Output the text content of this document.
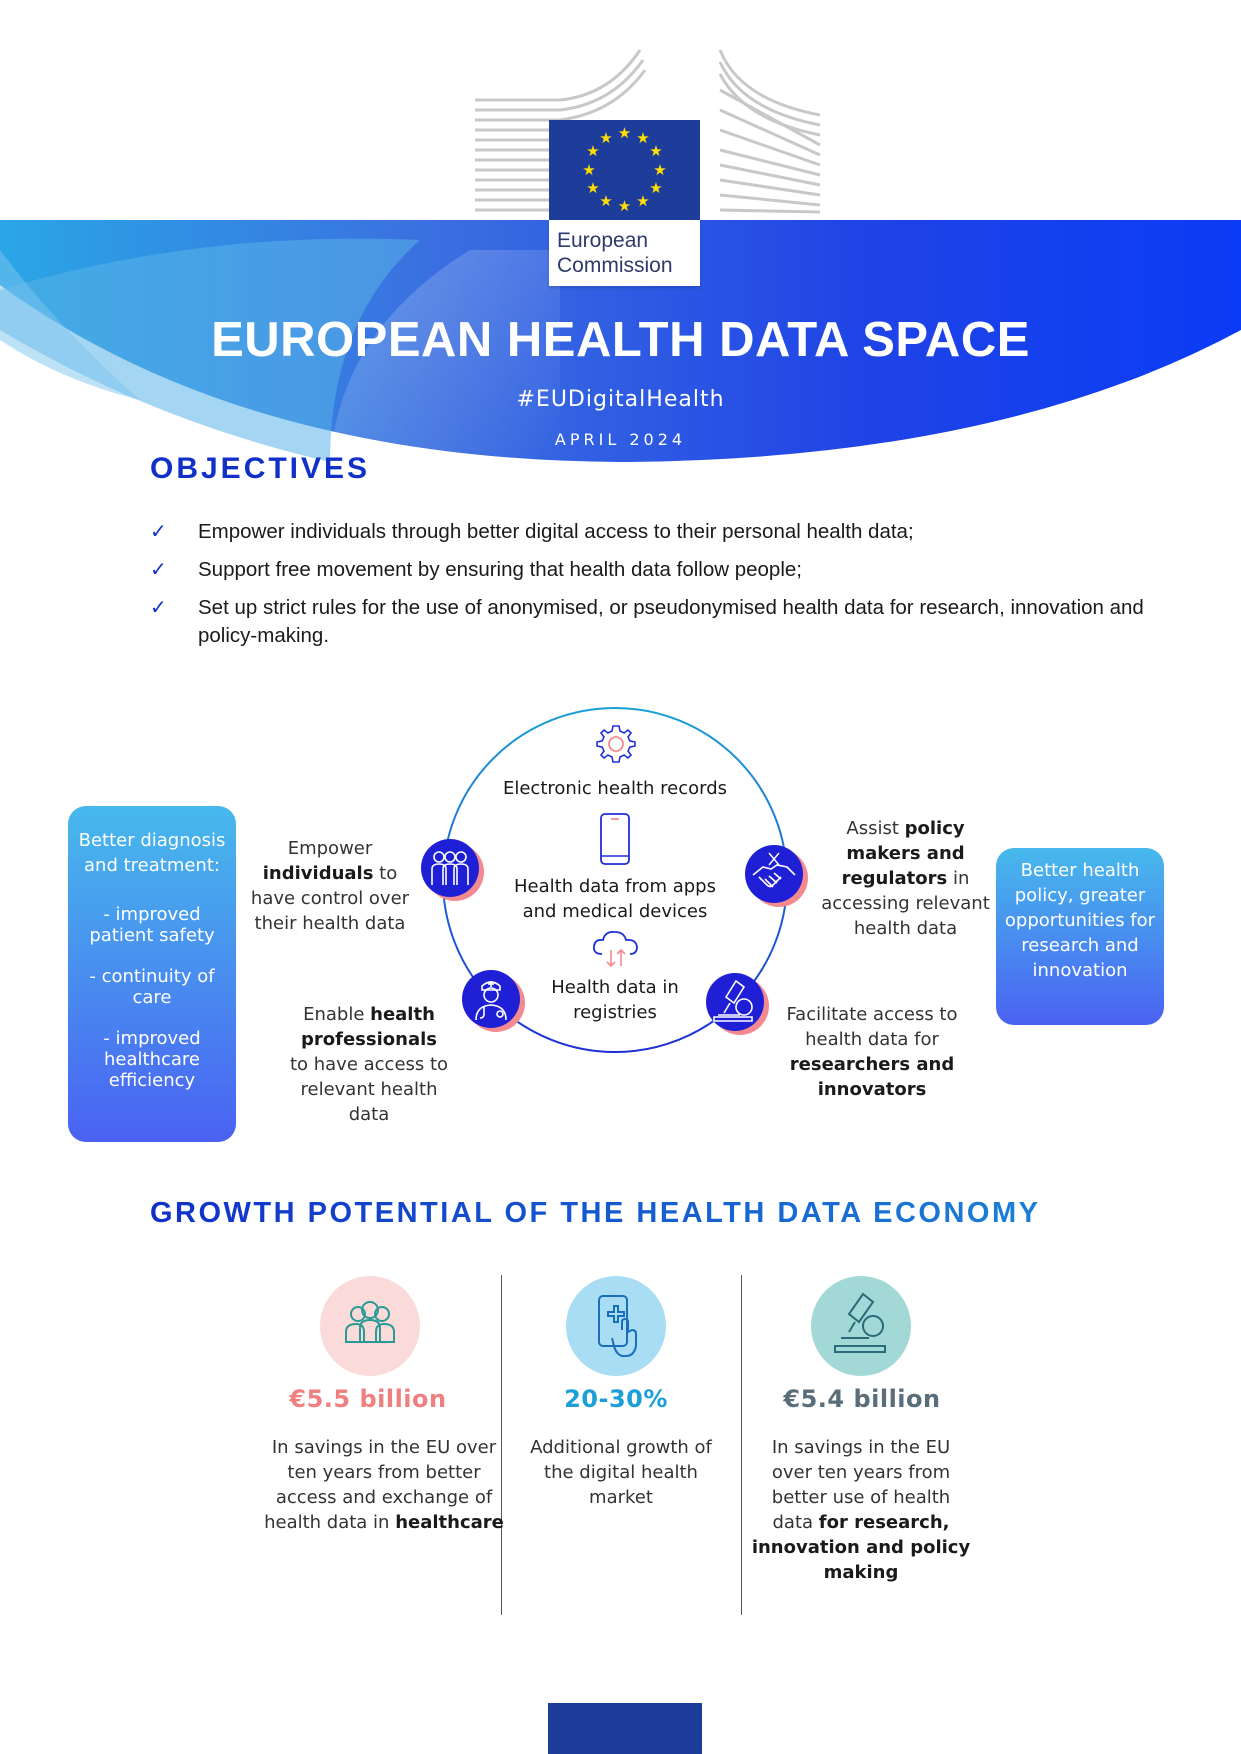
★ ★
★
★
★
★
★
★
★
★
★
★
European
Commission
EUROPEAN HEALTH DATA SPACE
#EUDigitalHealth
APRIL 2024
OBJECTIVES
✓ Empower individuals through better digital access to their personal health data;
✓ Support free movement by ensuring that health data follow people;
✓ Set up strict rules for the use of anonymised, or pseudonymised health data for research, innovation and policy-making.
Electronic health records
Health data from apps and medical devices
Health data in registries
Empower
individuals to have control over their health data
Enable health professionals
to have access to relevant health data
Assist policy makers and regulators in accessing relevant health data
Facilitate access to health data for
researchers and innovators
Better diagnosis and treatment:
- improved patient safety
- continuity of care
- improved healthcare efficiency
Better health policy, greater opportunities for research and innovation
GROWTH POTENTIAL OF THE HEALTH DATA ECONOMY
€5.5 billion
In savings in the EU over ten years from better access and exchange of health data in healthcare
20-30%
Additional growth of the digital health market
€5.4 billion
In savings in the EU over ten years from better use of health data for research, innovation and policy making
